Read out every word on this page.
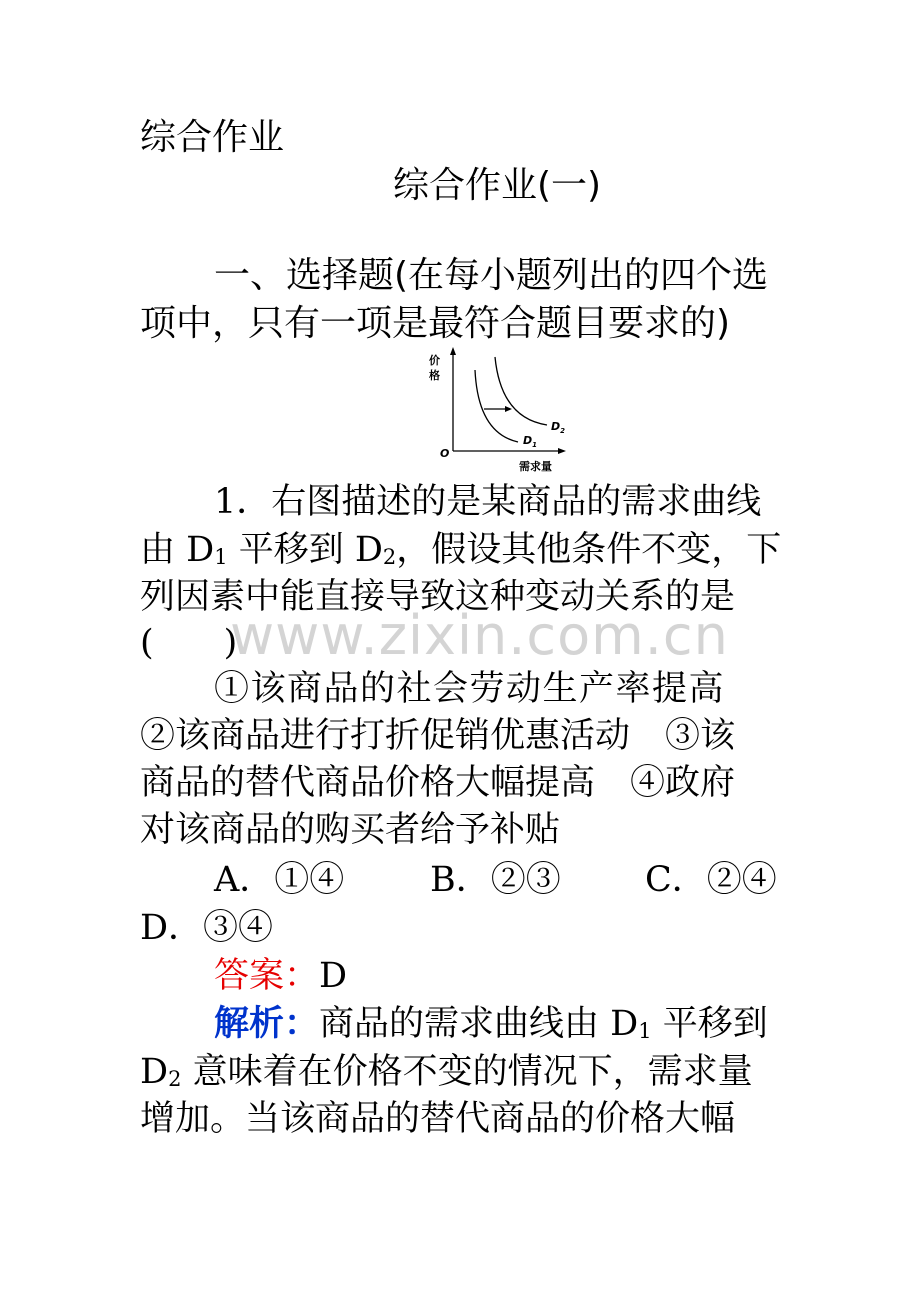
综合作业
综合作业(一)
一、选择题(在每小题列出的四个选
项中，只有一项是最符合题目要求的)
价
格
O
需求量
$D_2$
$D_1$
1．右图描述的是某商品的需求曲线
由 $D_1$ 平移到 $D_2$，假设其他条件不变，下
列因素中能直接导致这种变动关系的是
(　　)
www.zixin.com.cn
①该商品的社会劳动生产率提高
②该商品进行打折促销优惠活动　③该
商品的替代商品价格大幅提高　④政府
对该商品的购买者给予补贴
A．①④ B．②③ C．②④
D．③④
答案：D
解析：商品的需求曲线由 $D_1$ 平移到
$D_2$ 意味着在价格不变的情况下，需求量
增加。当该商品的替代商品的价格大幅
